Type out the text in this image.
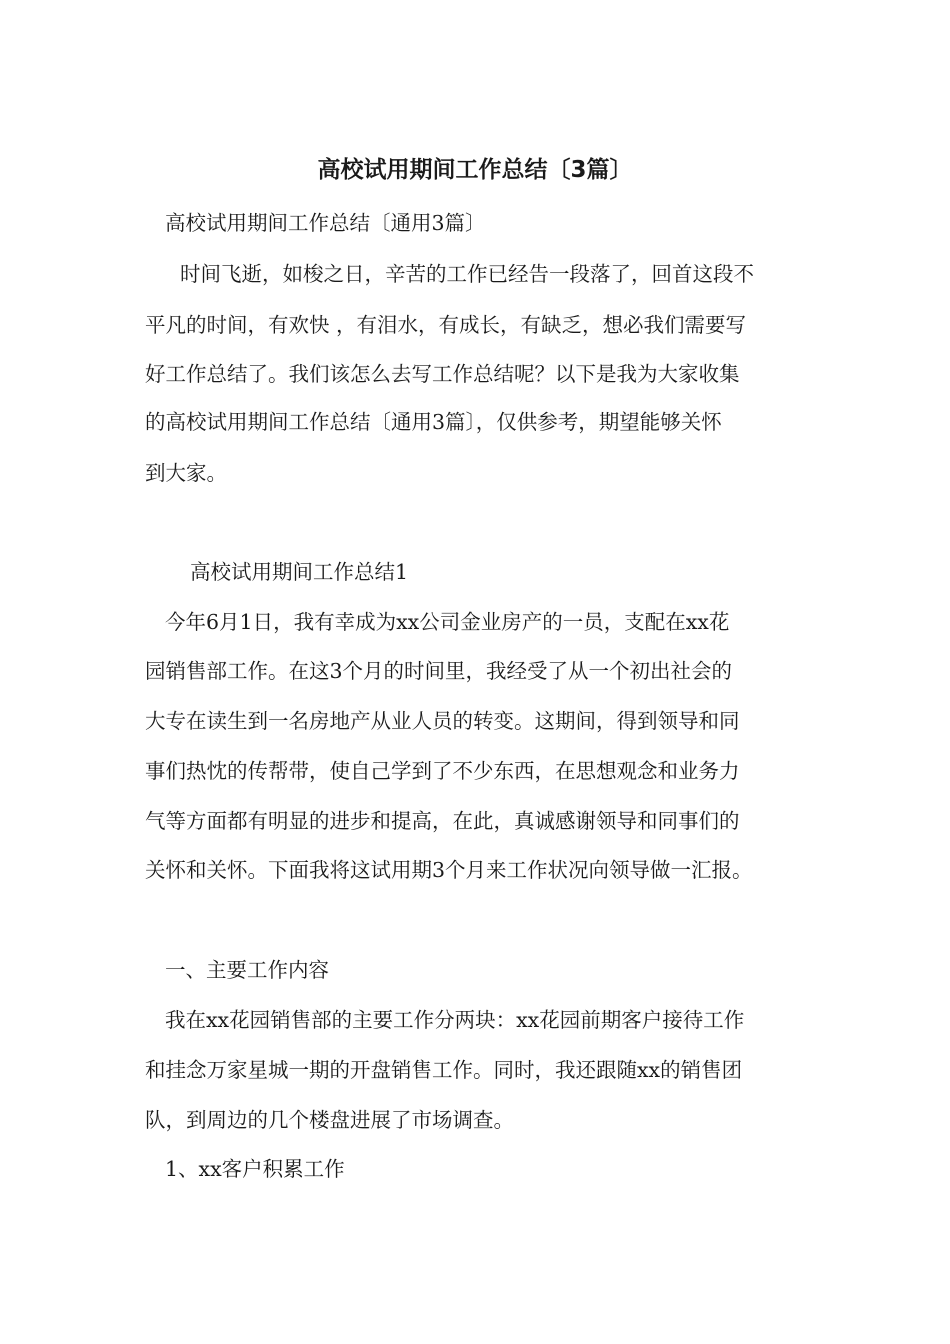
高校试用期间工作总结〔3篇〕
高校试用期间工作总结〔通用3篇〕
时间飞逝，如梭之日，辛苦的工作已经告一段落了，回首这段不
平凡的时间，有欢快 ，有泪水，有成长，有缺乏，想必我们需要写
好工作总结了。我们该怎么去写工作总结呢？以下是我为大家收集
的高校试用期间工作总结〔通用3篇〕，仅供参考，期望能够关怀
到大家。
高校试用期间工作总结1
今年6月1日，我有幸成为xx公司金业房产的一员，支配在xx花
园销售部工作。在这3个月的时间里，我经受了从一个初出社会的
大专在读生到一名房地产从业人员的转变。这期间，得到领导和同
事们热忱的传帮带，使自己学到了不少东西，在思想观念和业务力
气等方面都有明显的进步和提高，在此，真诚感谢领导和同事们的
关怀和关怀。下面我将这试用期3个月来工作状况向领导做一汇报。
一、主要工作内容
我在xx花园销售部的主要工作分两块：xx花园前期客户接待工作
和挂念万家星城一期的开盘销售工作。同时，我还跟随xx的销售团
队，到周边的几个楼盘进展了市场调查。
1、xx客户积累工作
